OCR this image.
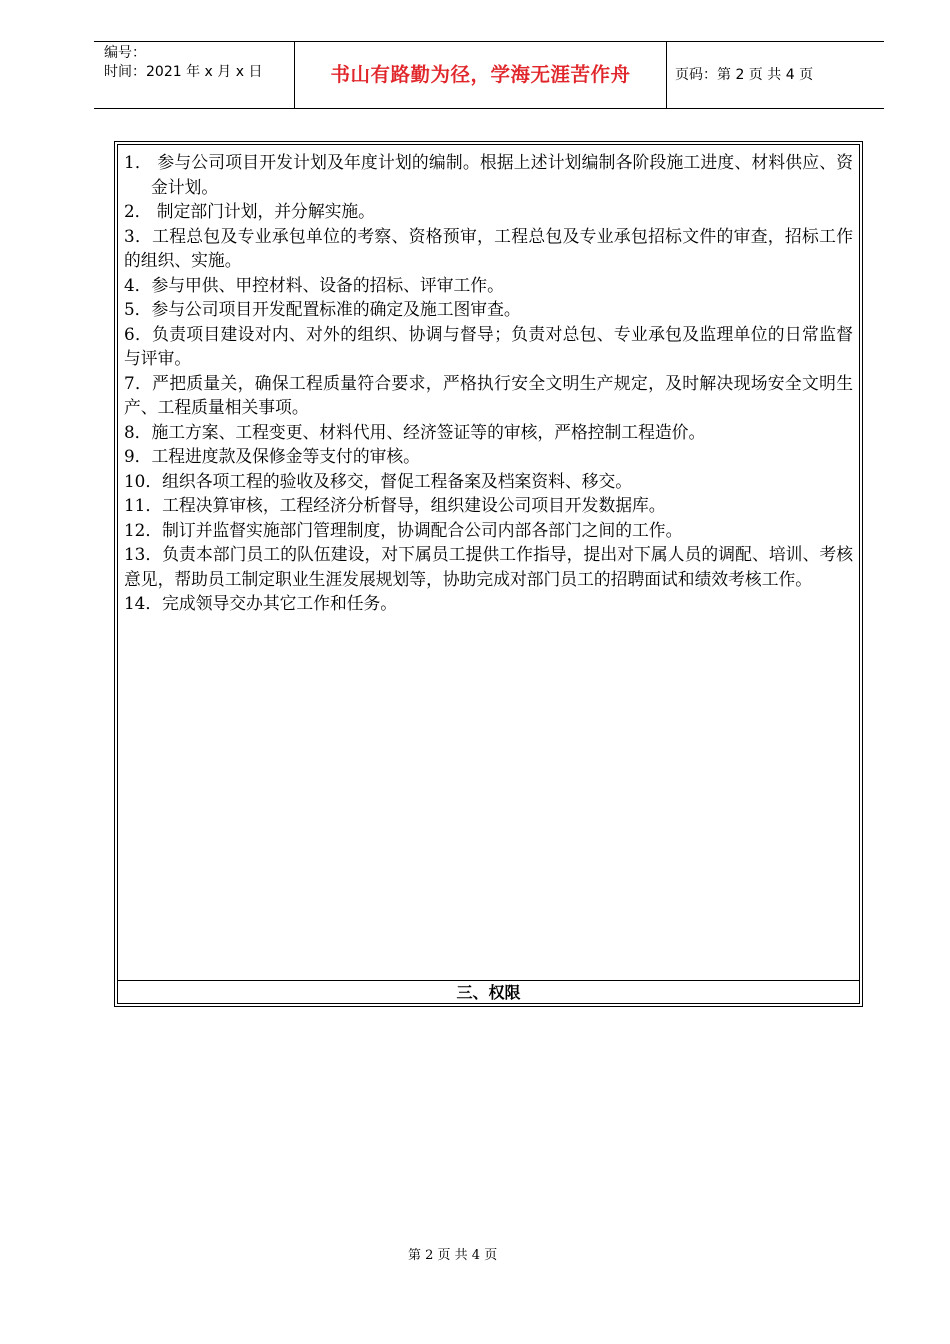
编号：
时间：2021 年 x 月 x 日	书山有路勤为径，学海无涯苦作舟	页码：第 2 页 共 4 页
1． 参与公司项目开发计划及年度计划的编制。根据上述计划编制各阶段施工进度、材料供应、资金计划。
2． 制定部门计划，并分解实施。
3．工程总包及专业承包单位的考察、资格预审，工程总包及专业承包招标文件的审查，招标工作的组织、实施。
4．参与甲供、甲控材料、设备的招标、评审工作。
5．参与公司项目开发配置标准的确定及施工图审查。
6．负责项目建设对内、对外的组织、协调与督导；负责对总包、专业承包及监理单位的日常监督与评审。
7．严把质量关，确保工程质量符合要求，严格执行安全文明生产规定，及时解决现场安全文明生产、工程质量相关事项。
8．施工方案、工程变更、材料代用、经济签证等的审核，严格控制工程造价。
9．工程进度款及保修金等支付的审核。
10．组织各项工程的验收及移交，督促工程备案及档案资料、移交。
11．工程决算审核，工程经济分析督导，组织建设公司项目开发数据库。
12．制订并监督实施部门管理制度，协调配合公司内部各部门之间的工作。
13．负责本部门员工的队伍建设，对下属员工提供工作指导，提出对下属人员的调配、培训、考核意见，帮助员工制定职业生涯发展规划等，协助完成对部门员工的招聘面试和绩效考核工作。
14．完成领导交办其它工作和任务。
三、权限
第 2 页 共 4 页
